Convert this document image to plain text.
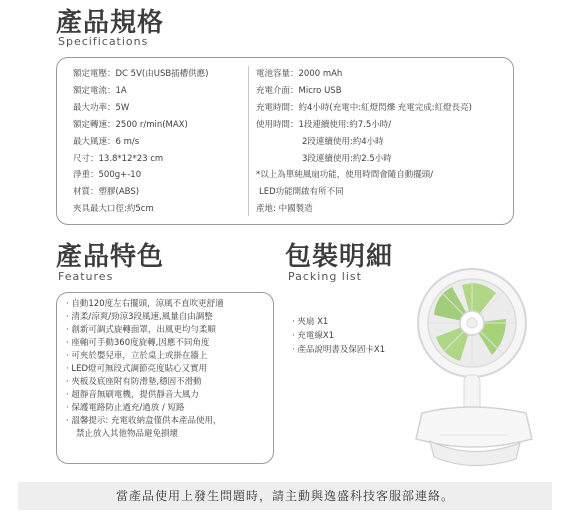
產品規格
Specifications
額定電壓：DC 5V(由USB插槽供應)
額定電流：1A
最大功率：5W
額定轉速：2500 r/min(MAX)
最大風速：6 m/s
尺寸：13.8*12*23 cm
淨重：500g+-10
材質：塑膠(ABS)
夾具最大口徑:約5cm
電池容量：2000 mAh
充電介面：Micro USB
充電時間：約4小時(充電中:紅燈閃爍 充電完成:紅燈長亮)
使用時間：1段連續使用:約7.5小時/
2段連續使用:約4小時
3段連續使用:約2.5小時
*以上為單純風扇功能，使用時間會隨自動擺頭/
LED功能開啟有所不同
產地: 中國製造
產品特色
Features
· 自動120度左右擺頭，涼風不直吹更舒適
· 清柔/涼爽/勁涼3段風速,風量自由調整
· 創新可調式旋轉面罩，出風更均勻柔順
· 座軸可手動360度旋轉,因應不同角度
· 可夾於嬰兒車，立於桌上或掛在牆上
· LED燈可無段式調節亮度貼心又實用
· 夾板及底座附有防滑墊,穩固不滑動
· 超靜音無刷電機，提供靜音大風力
· 保護電路防止過充/過放 / 短路
· 溫馨提示: 充電收納盒僅供本產品使用，
禁止放入其他物品避免損壞
包裝明細
Packing list
· 夾扇 X1
· 充電線X1
· 產品說明書及保固卡X1
當產品使用上發生問題時，請主動與逸盛科技客服部連絡。
